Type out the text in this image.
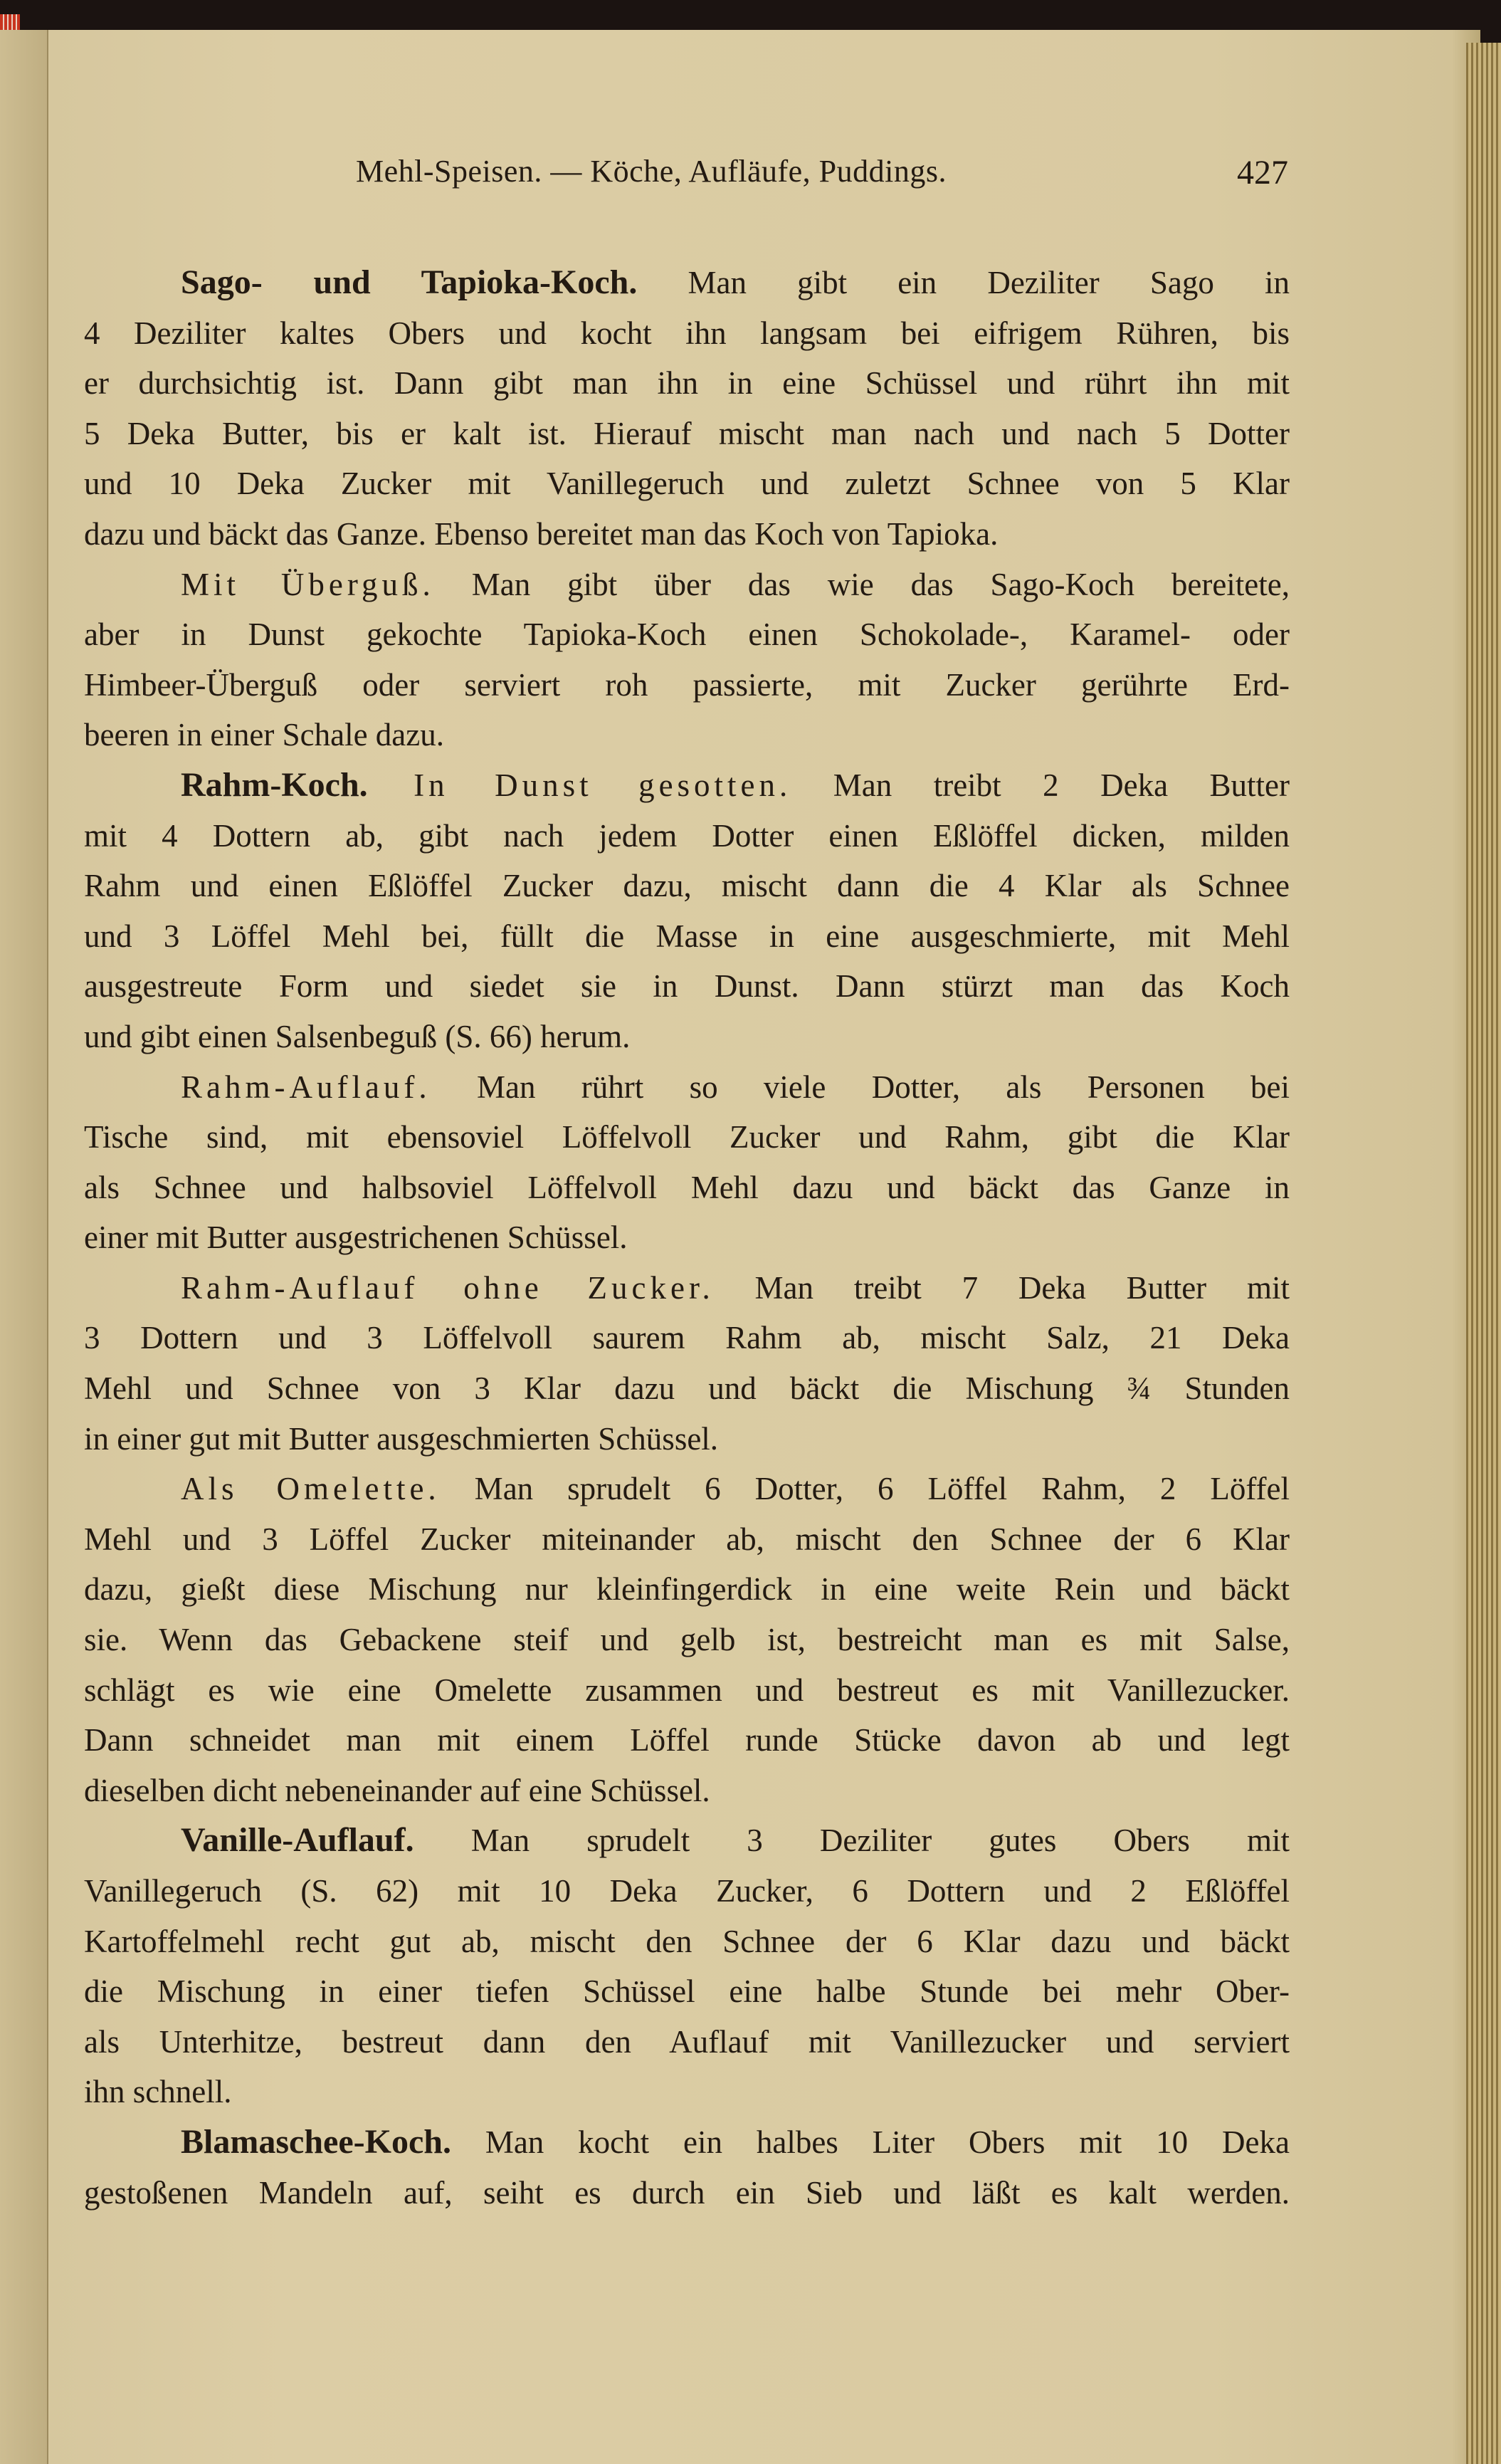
Mehl-Speisen. — Köche, Aufläufe, Puddings.	427
Sago- und Tapioka-Koch. Man gibt ein Deziliter Sago in
4 Deziliter kaltes Obers und kocht ihn langsam bei eifrigem Rühren, bis
er durchsichtig ist. Dann gibt man ihn in eine Schüssel und rührt ihn mit
5 Deka Butter, bis er kalt ist. Hierauf mischt man nach und nach 5 Dotter
und 10 Deka Zucker mit Vanillegeruch und zuletzt Schnee von 5 Klar
dazu und bäckt das Ganze. Ebenso bereitet man das Koch von Tapioka.
Mit Überguß. Man gibt über das wie das Sago-Koch bereitete,
aber in Dunst gekochte Tapioka-Koch einen Schokolade-, Karamel- oder
Himbeer-Überguß oder serviert roh passierte, mit Zucker gerührte Erd-
beeren in einer Schale dazu.
Rahm-Koch. In Dunst gesotten. Man treibt 2 Deka Butter
mit 4 Dottern ab, gibt nach jedem Dotter einen Eßlöffel dicken, milden
Rahm und einen Eßlöffel Zucker dazu, mischt dann die 4 Klar als Schnee
und 3 Löffel Mehl bei, füllt die Masse in eine ausgeschmierte, mit Mehl
ausgestreute Form und siedet sie in Dunst. Dann stürzt man das Koch
und gibt einen Salsenbeguß (S. 66) herum.
Rahm-Auflauf. Man rührt so viele Dotter, als Personen bei
Tische sind, mit ebensoviel Löffelvoll Zucker und Rahm, gibt die Klar
als Schnee und halbsoviel Löffelvoll Mehl dazu und bäckt das Ganze in
einer mit Butter ausgestrichenen Schüssel.
Rahm-Auflauf ohne Zucker. Man treibt 7 Deka Butter mit
3 Dottern und 3 Löffelvoll saurem Rahm ab, mischt Salz, 21 Deka
Mehl und Schnee von 3 Klar dazu und bäckt die Mischung ¾ Stunden
in einer gut mit Butter ausgeschmierten Schüssel.
Als Omelette. Man sprudelt 6 Dotter, 6 Löffel Rahm, 2 Löffel
Mehl und 3 Löffel Zucker miteinander ab, mischt den Schnee der 6 Klar
dazu, gießt diese Mischung nur kleinfingerdick in eine weite Rein und bäckt
sie. Wenn das Gebackene steif und gelb ist, bestreicht man es mit Salse,
schlägt es wie eine Omelette zusammen und bestreut es mit Vanillezucker.
Dann schneidet man mit einem Löffel runde Stücke davon ab und legt
dieselben dicht nebeneinander auf eine Schüssel.
Vanille-Auflauf. Man sprudelt 3 Deziliter gutes Obers mit
Vanillegeruch (S. 62) mit 10 Deka Zucker, 6 Dottern und 2 Eßlöffel
Kartoffelmehl recht gut ab, mischt den Schnee der 6 Klar dazu und bäckt
die Mischung in einer tiefen Schüssel eine halbe Stunde bei mehr Ober-
als Unterhitze, bestreut dann den Auflauf mit Vanillezucker und serviert
ihn schnell.
Blamaschee-Koch. Man kocht ein halbes Liter Obers mit 10 Deka
gestoßenen Mandeln auf, seiht es durch ein Sieb und läßt es kalt werden.
